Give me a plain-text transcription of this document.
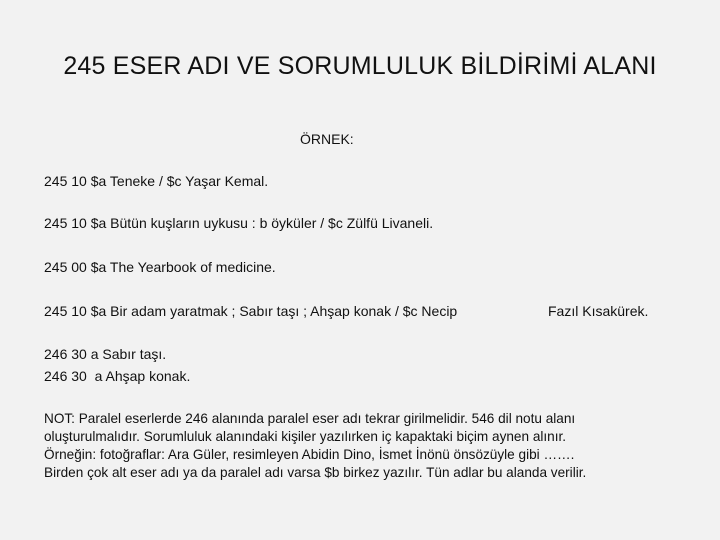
245 ESER ADI VE SORUMLULUK BİLDİRİMİ ALANI
ÖRNEK:
245 10 $a Teneke / $c Yaşar Kemal.
245 10 $a Bütün kuşların uykusu : b öyküler / $c Zülfü Livaneli.
245 00 $a The Yearbook of medicine.
245 10 $a Bir adam yaratmak ; Sabır taşı ; Ahşap konak / $c Necip	Fazıl Kısakürek.
246 30 a Sabır taşı.
246 30  a Ahşap konak.
NOT: Paralel eserlerde 246 alanında paralel eser adı tekrar girilmelidir. 546 dil notu alanı
oluşturulmalıdır. Sorumluluk alanındaki kişiler yazılırken iç kapaktaki biçim aynen alınır.
Örneğin: fotoğraflar: Ara Güler, resimleyen Abidin Dino, İsmet İnönü önsözüyle gibi …….
Birden çok alt eser adı ya da paralel adı varsa $b birkez yazılır. Tün adlar bu alanda verilir.
